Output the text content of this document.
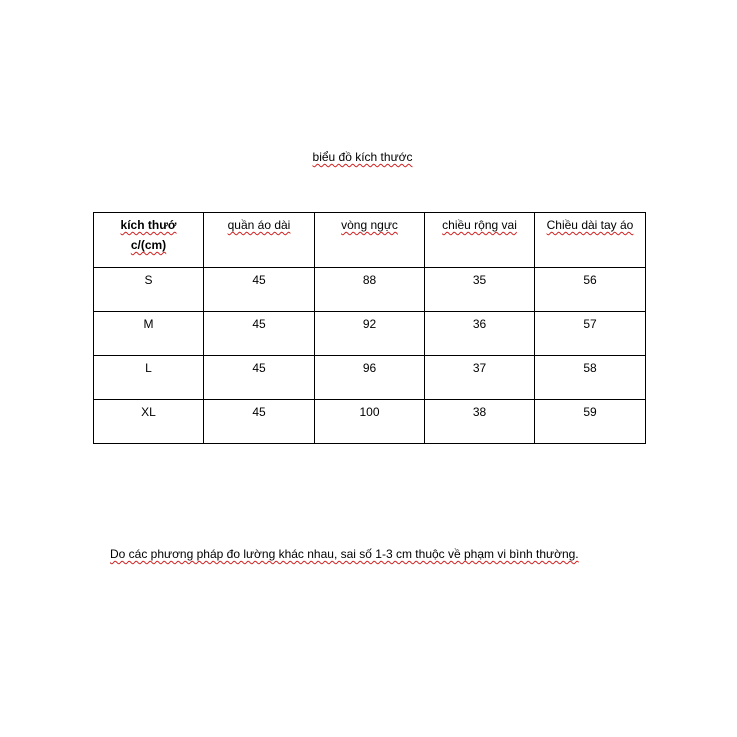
biểu đồ kích thước
kích thướ
c/(cm)	quần áo dài	vòng ngực	chiều rộng vai	Chiều dài tay áo
S	45	88	35	56
M	45	92	36	57
L	45	96	37	58
XL	45	100	38	59
Do các phương pháp đo lường khác nhau, sai số 1-3 cm thuộc về phạm vi bình thường.
